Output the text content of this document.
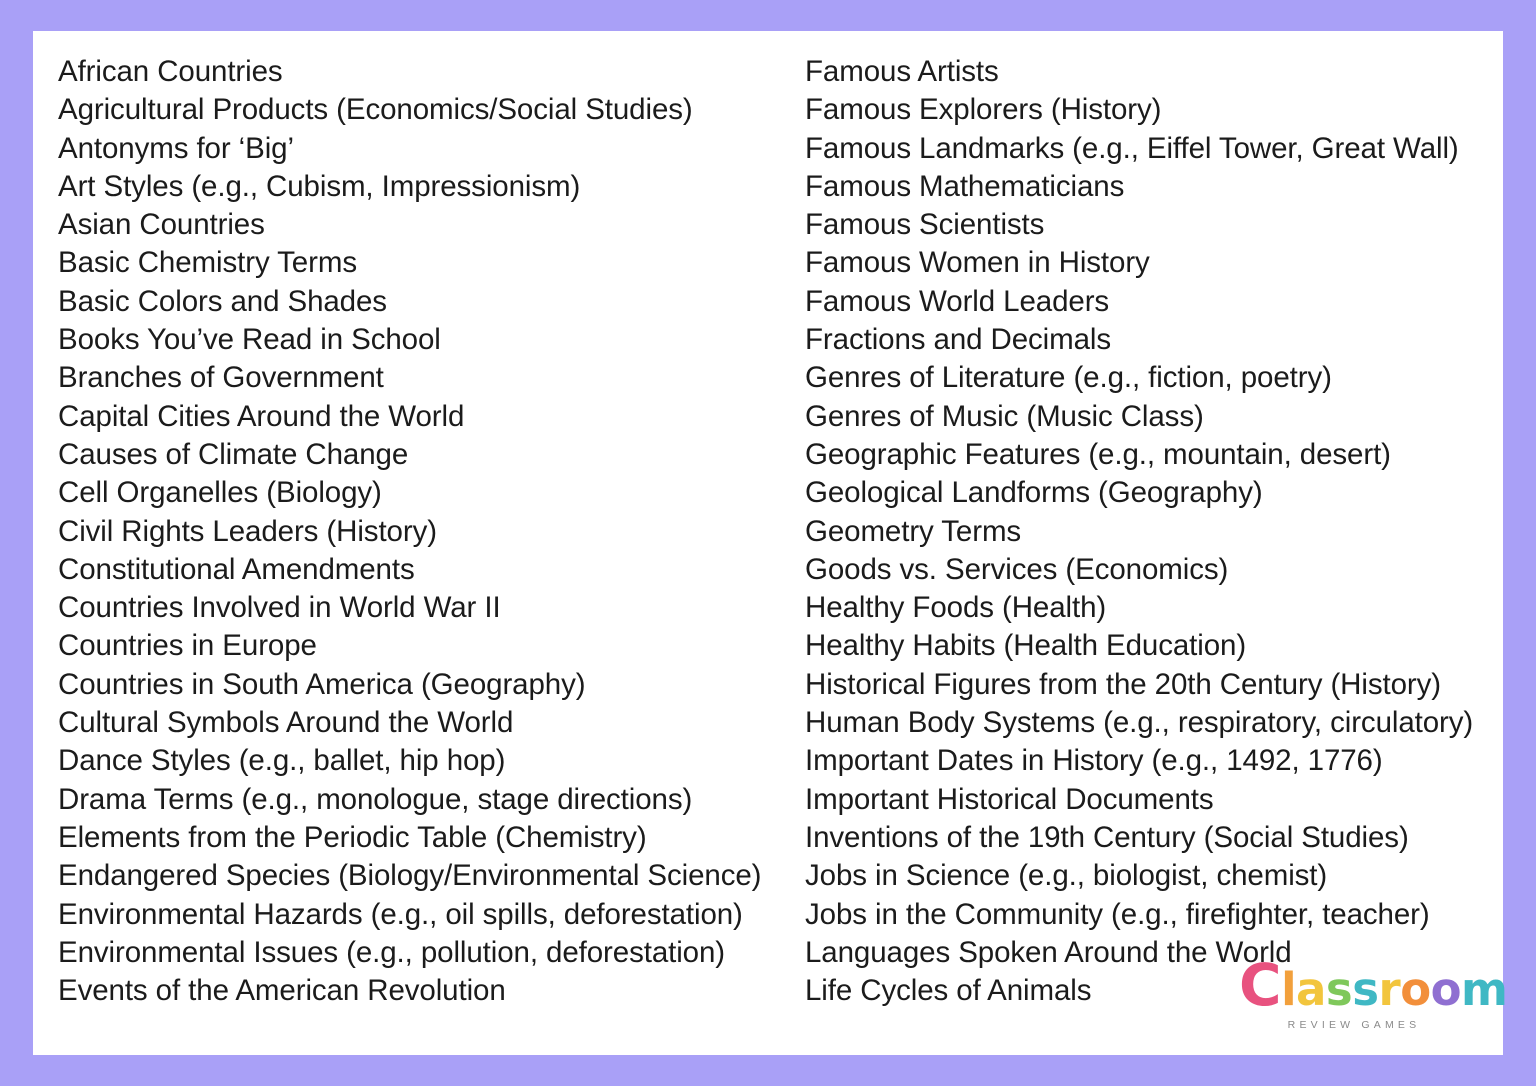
African Countries
Agricultural Products (Economics/Social Studies)
Antonyms for ‘Big’
Art Styles (e.g., Cubism, Impressionism)
Asian Countries
Basic Chemistry Terms
Basic Colors and Shades
Books You’ve Read in School
Branches of Government
Capital Cities Around the World
Causes of Climate Change
Cell Organelles (Biology)
Civil Rights Leaders (History)
Constitutional Amendments
Countries Involved in World War II
Countries in Europe
Countries in South America (Geography)
Cultural Symbols Around the World
Dance Styles (e.g., ballet, hip hop)
Drama Terms (e.g., monologue, stage directions)
Elements from the Periodic Table (Chemistry)
Endangered Species (Biology/Environmental Science)
Environmental Hazards (e.g., oil spills, deforestation)
Environmental Issues (e.g., pollution, deforestation)
Events of the American Revolution
Famous Artists
Famous Explorers (History)
Famous Landmarks (e.g., Eiffel Tower, Great Wall)
Famous Mathematicians
Famous Scientists
Famous Women in History
Famous World Leaders
Fractions and Decimals
Genres of Literature (e.g., fiction, poetry)
Genres of Music (Music Class)
Geographic Features (e.g., mountain, desert)
Geological Landforms (Geography)
Geometry Terms
Goods vs. Services (Economics)
Healthy Foods (Health)
Healthy Habits (Health Education)
Historical Figures from the 20th Century (History)
Human Body Systems (e.g., respiratory, circulatory)
Important Dates in History (e.g., 1492, 1776)
Important Historical Documents
Inventions of the 19th Century (Social Studies)
Jobs in Science (e.g., biologist, chemist)
Jobs in the Community (e.g., firefighter, teacher)
Languages Spoken Around the World
Life Cycles of Animals	Classroom
REVIEW GAMES
